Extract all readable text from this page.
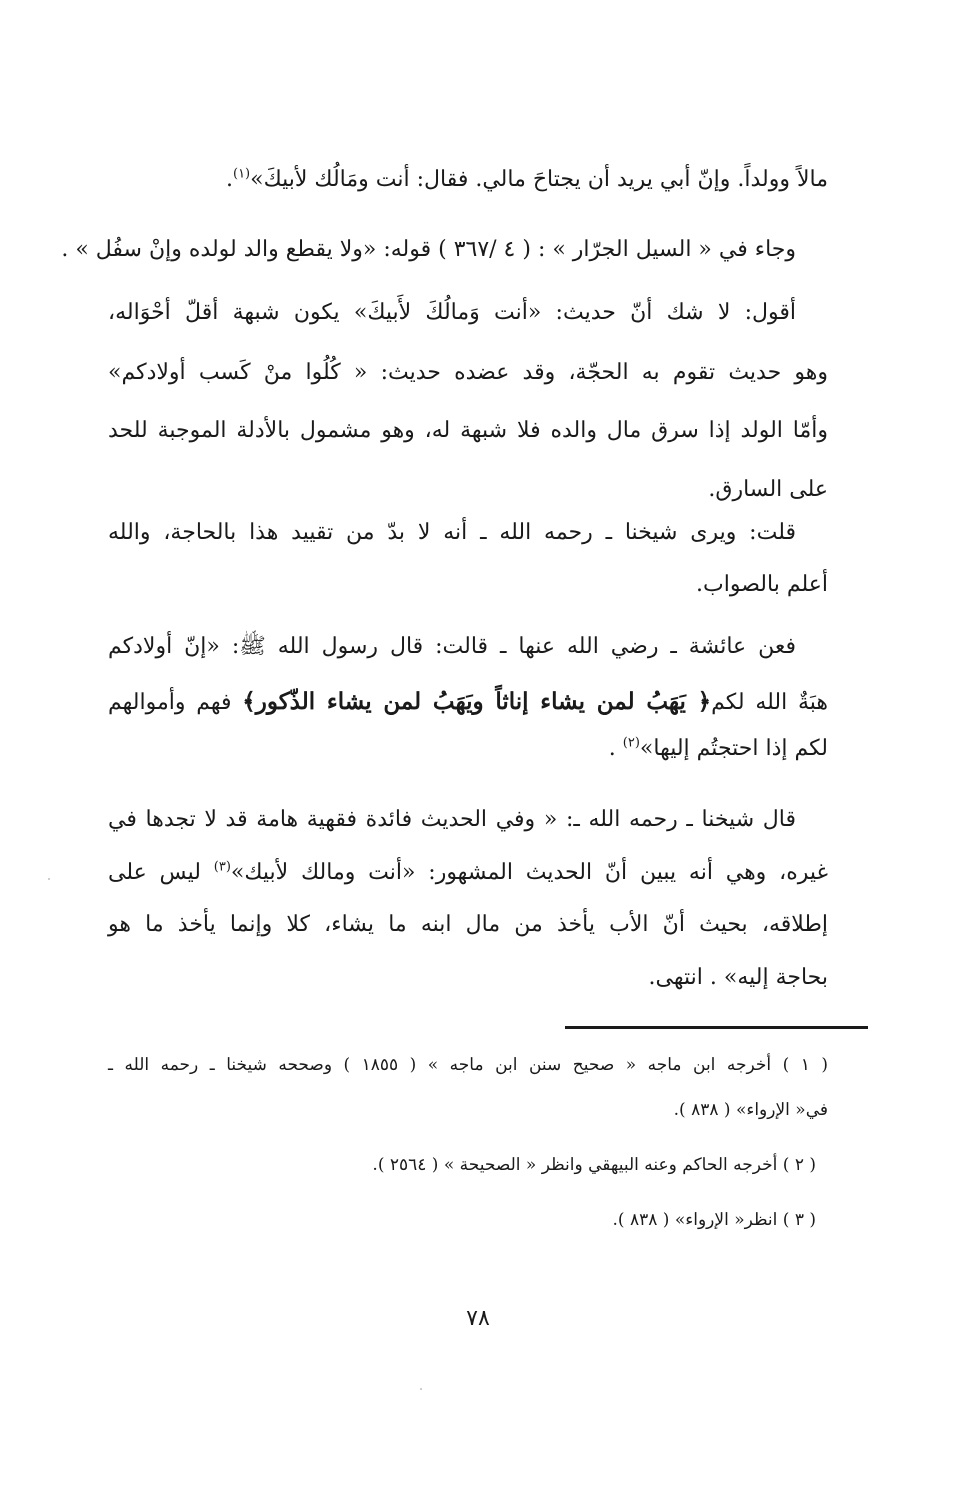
مالاً وولداً. وإنّ أبي يريد أن يجتاحَ مالي. فقال: أنت ومَالُك لأبيكَ»$^{(١)}$.
وجاء في « السيل الجرّار » : ( ٤ /٣٦٧ ) قوله: «ولا يقطع والد لولده وإنْ سفُل » .
أقول: لا شك أنّ حديث: «أنت وَمالُكَ لأَبيكَ» يكون شبهة أقلّ أحْوَاله،
وهو حديث تقوم به الحجّة، وقد عضده حديث: « كُلُوا منْ كَسب أولادكم»
وأمّا الولد إذا سرق مال والده فلا شبهة له، وهو مشمول بالأدلة الموجبة للحد
على السارق.
قلت: ويرى شيخنا ـ رحمه الله ـ أنه لا بدّ من تقييد هذا بالحاجة، والله
أعلم بالصواب.
فعن عائشة ـ رضي الله عنها ـ قالت: قال رسول الله ﷺ: «إنّ أولادكم
هبَةٌ الله لكم﴿ يَهَبُ لمن يشاء إناثاً ويَهَبُ لمن يشاء الذّكور﴾ فهم وأموالهم
لكم إذا احتجتُم إليها»$^{(٢)}$ .
قال شيخنا ـ رحمه الله ـ: « وفي الحديث فائدة فقهية هامة قد لا تجدها في
غيره، وهي أنه يبين أنّ الحديث المشهور: «أنت ومالك لأبيك»$^{(٣)}$ ليس على
إطلاقه، بحيث أنّ الأب يأخذ من مال ابنه ما يشاء، كلا وإنما يأخذ ما هو
بحاجة إليه» . انتهى.
( ١ ) أخرجه ابن ماجه « صحيح سنن ابن ماجه » ( ١٨٥٥ ) وصححه شيخنا ـ رحمه الله ـ
في« الإرواء» ( ٨٣٨ ).
( ٢ ) أخرجه الحاكم وعنه البيهقي وانظر « الصحيحة » ( ٢٥٦٤ ).
( ٣ ) انظر« الإرواء» ( ٨٣٨ ).
٧٨
